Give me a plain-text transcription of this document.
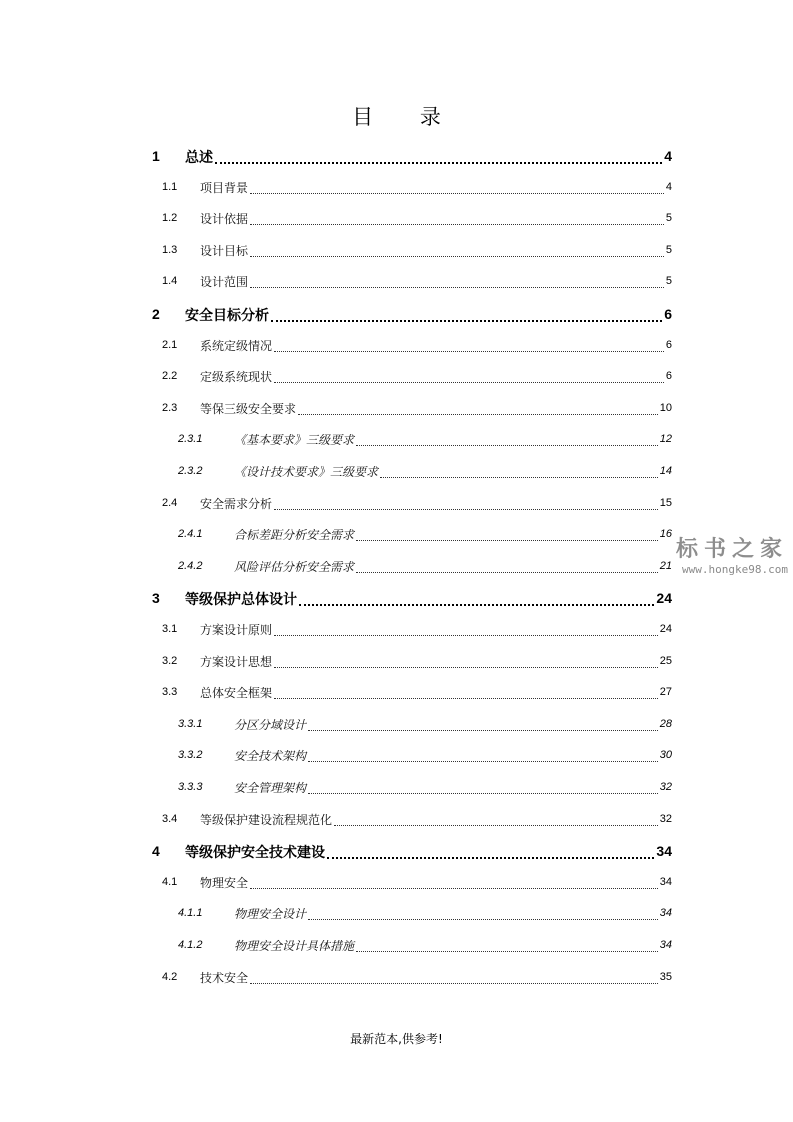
目 录
1 总述	4
1.1 项目背景	4
1.2 设计依据	5
1.3 设计目标	5
1.4 设计范围	5
2 安全目标分析	6
2.1 系统定级情况	6
2.2 定级系统现状	6
2.3 等保三级安全要求	10
2.3.1	《基本要求》三级要求	12
2.3.2	《设计技术要求》三级要求	14
2.4 安全需求分析	15
2.4.1	合标差距分析安全需求	16
2.4.2	风险评估分析安全需求	21
3 等级保护总体设计	24
3.1 方案设计原则	24
3.2 方案设计思想	25
3.3 总体安全框架	27
3.3.1	分区分域设计	28
3.3.2	安全技术架构	30
3.3.3	安全管理架构	32
3.4 等级保护建设流程规范化	32
4 等级保护安全技术建设	34
4.1 物理安全	34
4.1.1	物理安全设计	34
4.1.2	物理安全设计具体措施	34
4.2 技术安全	35
标书之家
www.hongke98.com
最新范本,供参考!
